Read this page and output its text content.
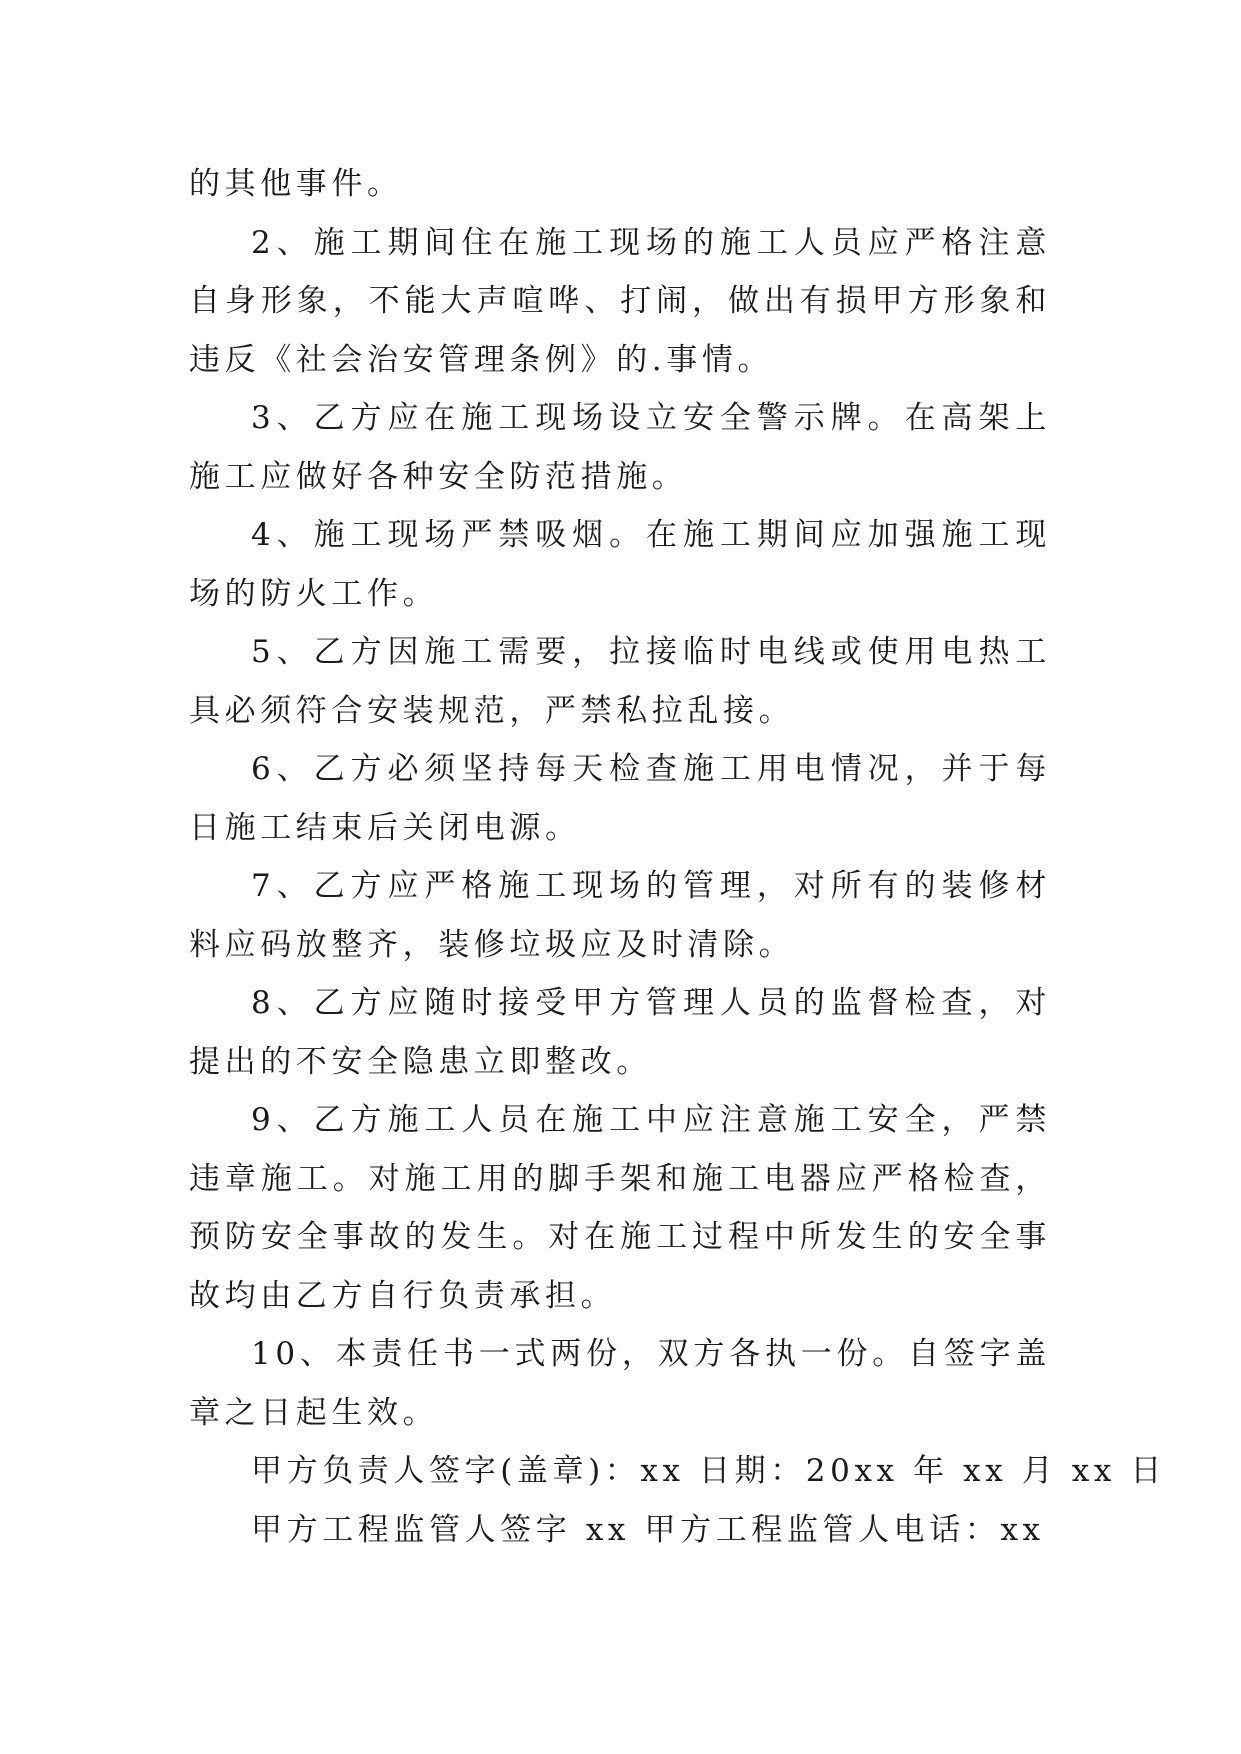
的其他事件。

2、施工期间住在施工现场的施工人员应严格注意自身形象，不能大声喧哗、打闹，做出有损甲方形象和违反《社会治安管理条例》的.事情。

3、乙方应在施工现场设立安全警示牌。在高架上施工应做好各种安全防范措施。

4、施工现场严禁吸烟。在施工期间应加强施工现场的防火工作。

5、乙方因施工需要，拉接临时电线或使用电热工具必须符合安装规范，严禁私拉乱接。

6、乙方必须坚持每天检查施工用电情况，并于每日施工结束后关闭电源。

7、乙方应严格施工现场的管理，对所有的装修材料应码放整齐，装修垃圾应及时清除。

8、乙方应随时接受甲方管理人员的监督检查，对提出的不安全隐患立即整改。

9、乙方施工人员在施工中应注意施工安全，严禁违章施工。对施工用的脚手架和施工电器应严格检查，预防安全事故的发生。对在施工过程中所发生的安全事故均由乙方自行负责承担。

10、本责任书一式两份，双方各执一份。自签字盖章之日起生效。

甲方负责人签字(盖章)：xx 日期：20xx 年 xx 月 xx 日

甲方工程监管人签字 xx 甲方工程监管人电话：xx
